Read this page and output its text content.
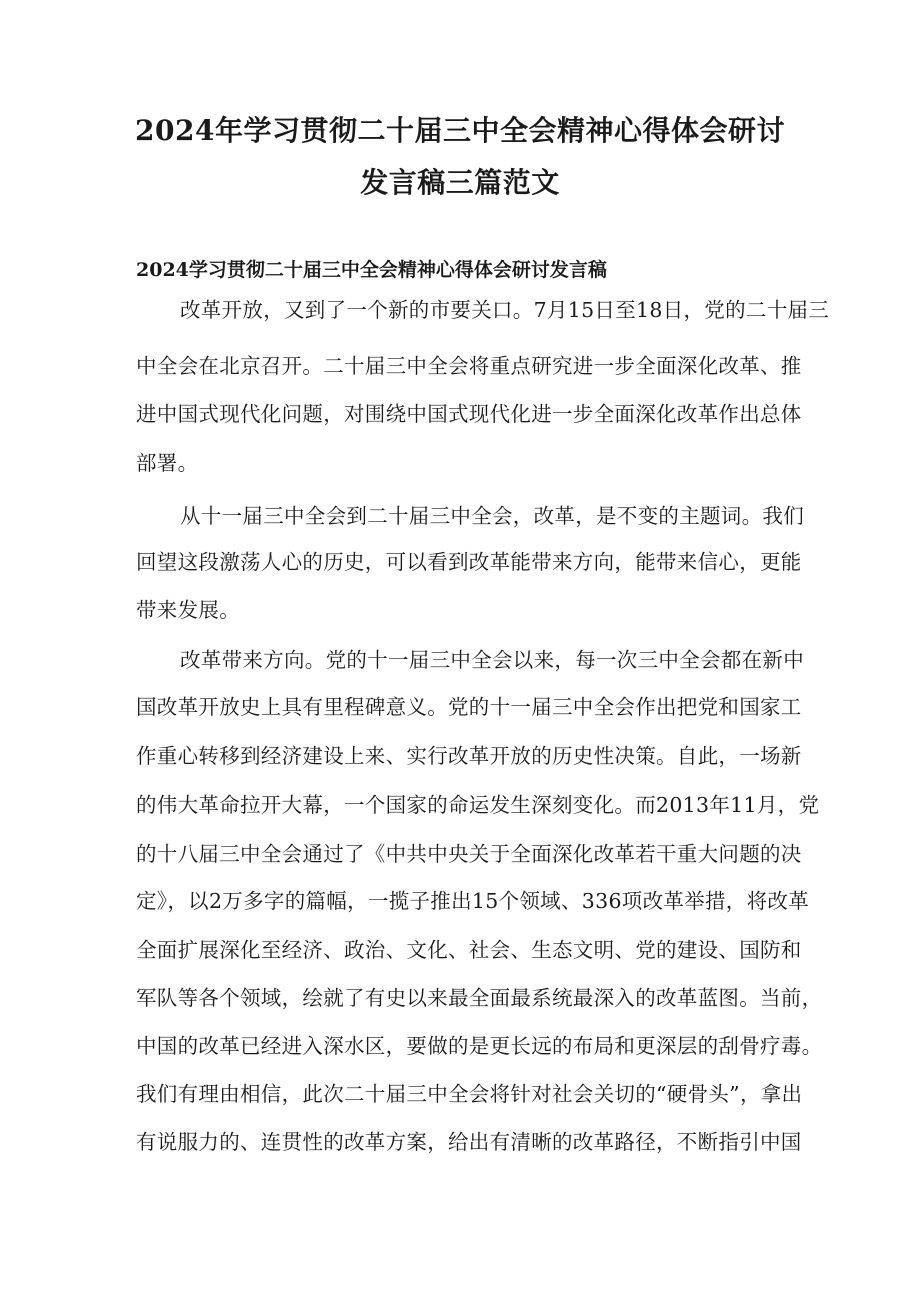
2024年学习贯彻二十届三中全会精神心得体会研讨
发言稿三篇范文
2024学习贯彻二十届三中全会精神心得体会研讨发言稿
改革开放，又到了一个新的市要关口。7月15日至18日，党的二十届三
中全会在北京召开。二十届三中全会将重点研究进一步全面深化改革、推
进中国式现代化问题，对围绕中国式现代化进一步全面深化改革作出总体
部署。
从十一届三中全会到二十届三中全会，改革，是不变的主题词。我们
回望这段激荡人心的历史，可以看到改革能带来方向，能带来信心，更能
带来发展。
改革带来方向。党的十一届三中全会以来，每一次三中全会都在新中
国改革开放史上具有里程碑意义。党的十一届三中全会作出把党和国家工
作重心转移到经济建设上来、实行改革开放的历史性决策。自此，一场新
的伟大革命拉开大幕，一个国家的命运发生深刻变化。而2013年11月，党
的十八届三中全会通过了《中共中央关于全面深化改革若干重大问题的决
定》，以2万多字的篇幅，一揽子推出15个领域、336项改革举措，将改革
全面扩展深化至经济、政治、文化、社会、生态文明、党的建设、国防和
军队等各个领域，绘就了有史以来最全面最系统最深入的改革蓝图。当前，
中国的改革已经进入深水区，要做的是更长远的布局和更深层的刮骨疗毒。
我们有理由相信，此次二十届三中全会将针对社会关切的“硬骨头”，拿出
有说服力的、连贯性的改革方案，给出有清晰的改革路径，不断指引中国
